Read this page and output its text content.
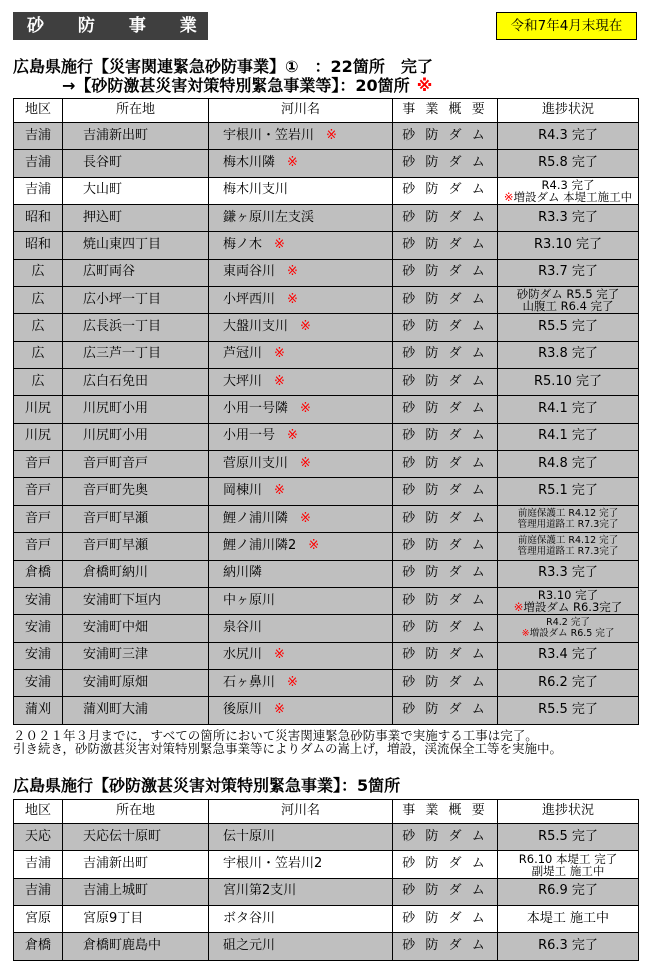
砂 防 事 業	令和7年4月末現在
広島県施行【災害関連緊急砂防事業】①　：22箇所　完了
→【砂防激甚災害対策特別緊急事業等】：20箇所 ※
地区	所在地	河川名	事 業 概 要	進捗状況
吉浦	吉浦新出町	宇根川・笠岩川 ※	砂 防 ダ ム	R4.3 完了

吉浦	長谷町	梅木川隣 ※	砂 防 ダ ム	R5.8 完了

吉浦	大山町	梅木川支川	砂 防 ダ ム	R4.3 完了
※増設ダム 本堤工施工中

昭和	押込町	鎌ヶ原川左支渓	砂 防 ダ ム	R3.3 完了

昭和	焼山東四丁目	梅ノ木 ※	砂 防 ダ ム	R3.10 完了

広	広町両谷	東両谷川 ※	砂 防 ダ ム	R3.7 完了

広	広小坪一丁目	小坪西川 ※	砂 防 ダ ム	砂防ダム R5.5 完了
山腹工 R6.4 完了

広	広長浜一丁目	大盤川支川 ※	砂 防 ダ ム	R5.5 完了

広	広三芦一丁目	芦冠川 ※	砂 防 ダ ム	R3.8 完了

広	広白石免田	大坪川 ※	砂 防 ダ ム	R5.10 完了

川尻	川尻町小用	小用一号隣 ※	砂 防 ダ ム	R4.1 完了

川尻	川尻町小用	小用一号 ※	砂 防 ダ ム	R4.1 完了

音戸	音戸町音戸	菅原川支川 ※	砂 防 ダ ム	R4.8 完了

音戸	音戸町先奥	岡棟川 ※	砂 防 ダ ム	R5.1 完了

音戸	音戸町早瀬	鯉ノ浦川隣 ※	砂 防 ダ ム	前庭保護工 R4.12 完了
管理用道路工 R7.3完了

音戸	音戸町早瀬	鯉ノ浦川隣2 ※	砂 防 ダ ム	前庭保護工 R4.12 完了
管理用道路工 R7.3完了

倉橋	倉橋町納川	納川隣	砂 防 ダ ム	R3.3 完了

安浦	安浦町下垣内	中ヶ原川	砂 防 ダ ム	R3.10 完了
※増設ダム R6.3完了

安浦	安浦町中畑	泉谷川	砂 防 ダ ム	R4.2 完了
※増設ダム R6.5 完了

安浦	安浦町三津	水尻川 ※	砂 防 ダ ム	R3.4 完了

安浦	安浦町原畑	石ヶ鼻川 ※	砂 防 ダ ム	R6.2 完了

蒲刈	蒲刈町大浦	後原川 ※	砂 防 ダ ム	R5.5 完了
２０２１年３月までに，すべての箇所において災害関連緊急砂防事業で実施する工事は完了。
引き続き，砂防激甚災害対策特別緊急事業等によりダムの嵩上げ，増設，渓流保全工等を実施中。
広島県施行【砂防激甚災害対策特別緊急事業】：5箇所
地区	所在地	河川名	事 業 概 要	進捗状況
天応	天応伝十原町	伝十原川	砂 防 ダ ム	R5.5 完了

吉浦	吉浦新出町	宇根川・笠岩川2	砂 防 ダ ム	R6.10 本堤工 完了
副堤工 施工中

吉浦	吉浦上城町	宮川第2支川	砂 防 ダ ム	R6.9 完了

宮原	宮原9丁目	ボタ谷川	砂 防 ダ ム	本堤工 施工中

倉橋	倉橋町鹿島中	砠之元川	砂 防 ダ ム	R6.3 完了
